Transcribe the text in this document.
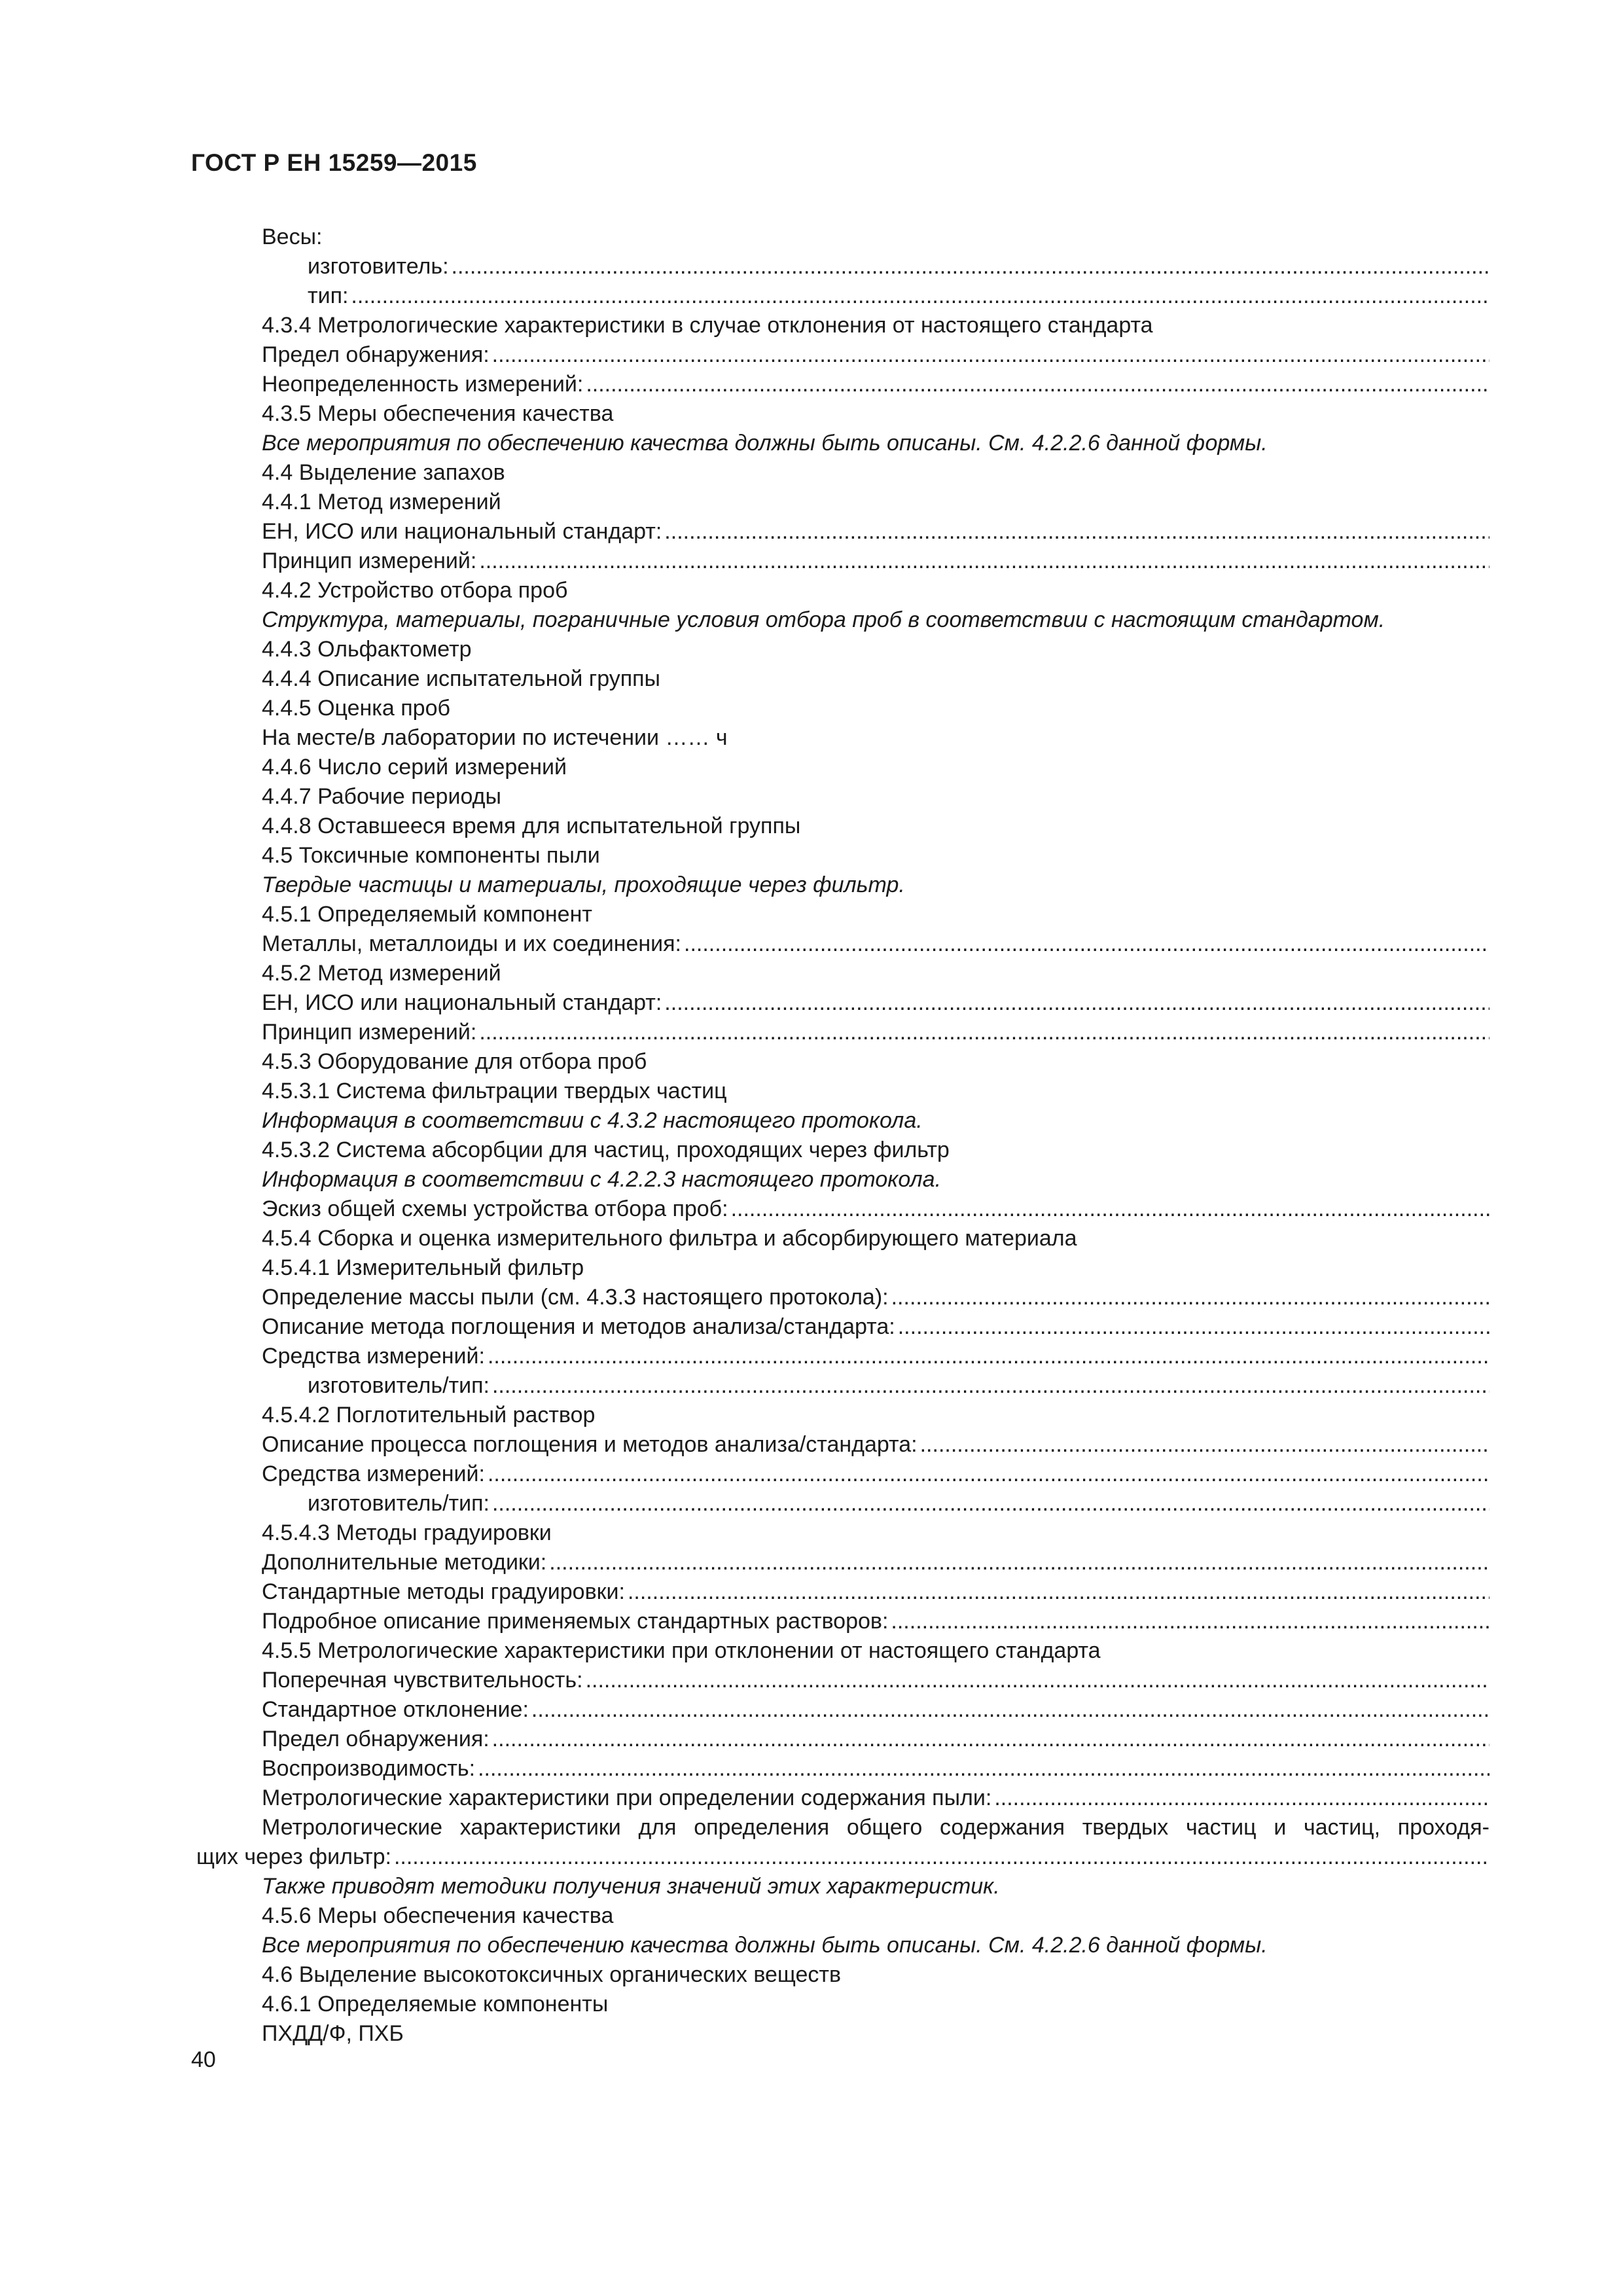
ГОСТ Р ЕН 15259—2015
Весы:
изготовитель:
.....
тип:
.....
4.3.4 Метрологические характеристики в случае отклонения от настоящего стандарта
Предел обнаружения:
.....
Неопределенность измерений:
.....
4.3.5 Меры обеспечения качества
Все мероприятия по обеспечению качества должны быть описаны. См. 4.2.2.6 данной формы.
4.4 Выделение запахов
4.4.1 Метод измерений
ЕН, ИСО или национальный стандарт:
.....
Принцип измерений:
.....
4.4.2 Устройство отбора проб
Структура, материалы, пограничные условия отбора проб в соответствии с настоящим стандартом.
4.4.3 Ольфактометр
4.4.4 Описание испытательной группы
4.4.5 Оценка проб
На месте/в лаборатории по истечении …… ч
4.4.6 Число серий измерений
4.4.7 Рабочие периоды
4.4.8 Оставшееся время для испытательной группы
4.5 Токсичные компоненты пыли
Твердые частицы и материалы, проходящие через фильтр.
4.5.1 Определяемый компонент
Металлы, металлоиды и их соединения:
.....
4.5.2 Метод измерений
ЕН, ИСО или национальный стандарт:
.....
Принцип измерений:
.....
4.5.3 Оборудование для отбора проб
4.5.3.1 Система фильтрации твердых частиц
Информация в соответствии с 4.3.2 настоящего протокола.
4.5.3.2 Система абсорбции для частиц, проходящих через фильтр
Информация в соответствии с 4.2.2.3 настоящего протокола.
Эскиз общей схемы устройства отбора проб:
.....
4.5.4 Сборка и оценка измерительного фильтра и абсорбирующего материала
4.5.4.1 Измерительный фильтр
Определение массы пыли (см. 4.3.3 настоящего протокола):
.....
Описание метода поглощения и методов анализа/стандарта:
.....
Средства измерений:
.....
изготовитель/тип:
.....
4.5.4.2 Поглотительный раствор
Описание процесса поглощения и методов анализа/стандарта:
.....
Средства измерений:
.....
изготовитель/тип:
.....
4.5.4.3 Методы градуировки
Дополнительные методики:
.....
Стандартные методы градуировки:
.....
Подробное описание применяемых стандартных растворов:
.....
4.5.5 Метрологические характеристики при отклонении от настоящего стандарта
Поперечная чувствительность:
.....
Стандартное отклонение:
.....
Предел обнаружения:
.....
Воспроизводимость:
.....
Метрологические характеристики при определении содержания пыли:
.....
Метрологические характеристики для определения общего содержания твердых частиц и частиц, проходя-
щих через фильтр:
.....
Также приводят методики получения значений этих характеристик.
4.5.6 Меры обеспечения качества
Все мероприятия по обеспечению качества должны быть описаны. См. 4.2.2.6 данной формы.
4.6 Выделение высокотоксичных органических веществ
4.6.1 Определяемые компоненты
ПХДД/Ф, ПХБ
40
